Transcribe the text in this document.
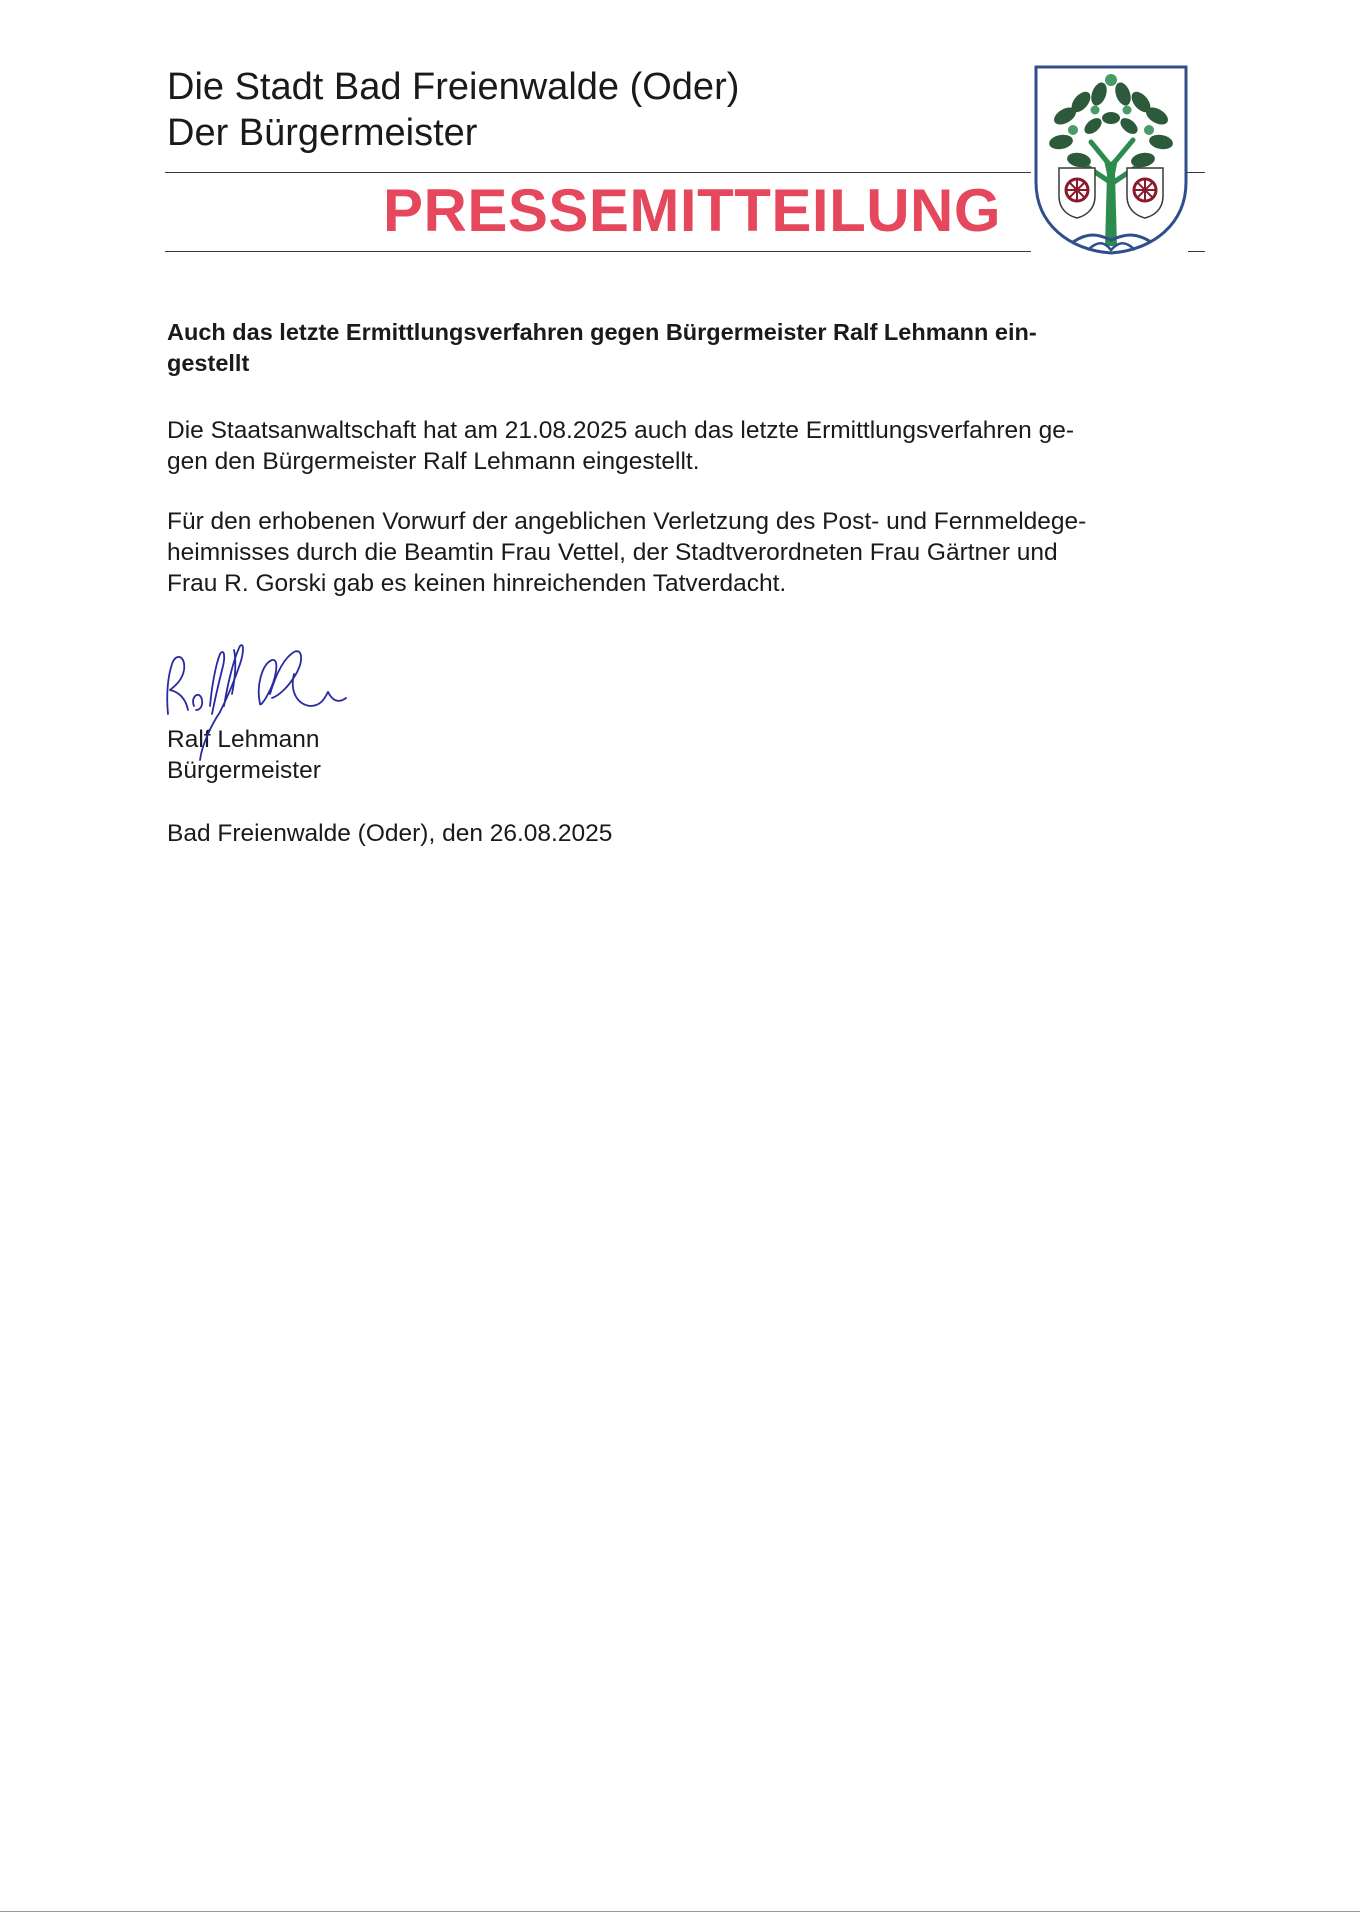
Die Stadt Bad Freienwalde (Oder)
Der Bürgermeister
PRESSEMITTEILUNG
Auch das letzte Ermittlungsverfahren gegen Bürgermeister Ralf Lehmann ein-
gestellt
Die Staatsanwaltschaft hat am 21.08.2025 auch das letzte Ermittlungsverfahren ge-
gen den Bürgermeister Ralf Lehmann eingestellt.
Für den erhobenen Vorwurf der angeblichen Verletzung des Post- und Fernmeldege-
heimnisses durch die Beamtin Frau Vettel, der Stadtverordneten Frau Gärtner und
Frau R. Gorski gab es keinen hinreichenden Tatverdacht.
Ralf Lehmann
Bürgermeister
Bad Freienwalde (Oder), den 26.08.2025
